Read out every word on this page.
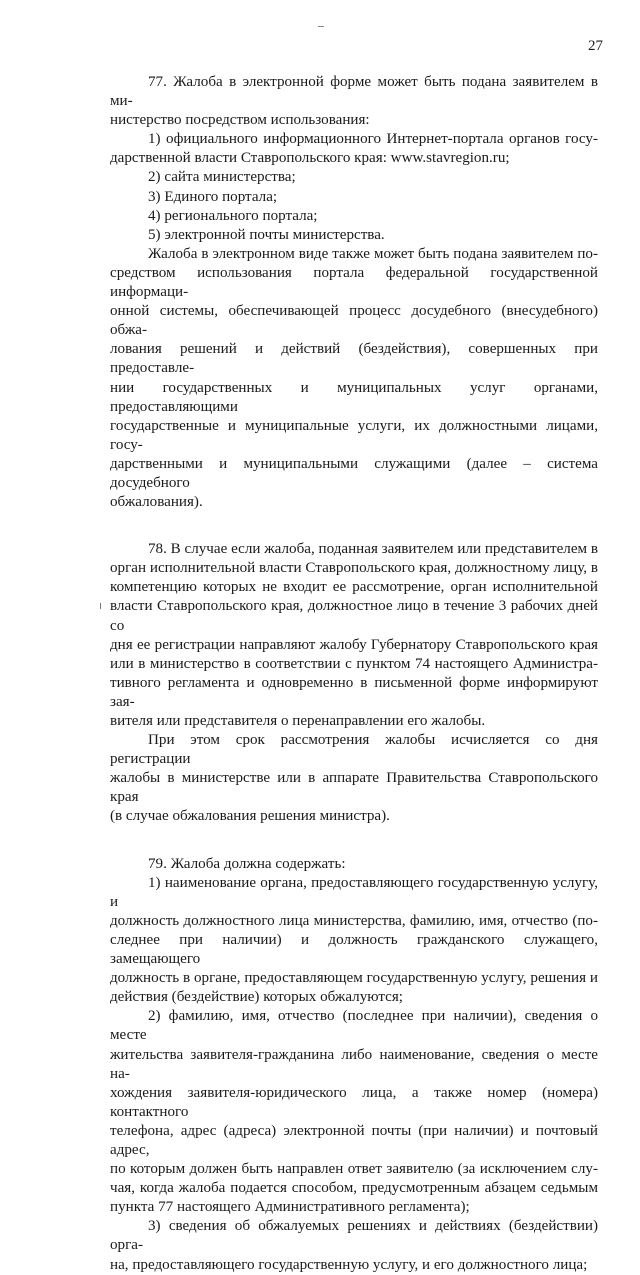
27

77. Жалоба в электронной форме может быть подана заявителем в ми-

нистерство посредством использования:

1) официального информационного Интернет-портала органов госу-

дарственной власти Ставропольского края: www.stavregion.ru;

2) сайта министерства;

3) Единого портала;

4) регионального портала;

5) электронной почты министерства.

Жалоба в электронном виде также может быть подана заявителем по-

средством использования портала федеральной государственной информаци-

онной системы, обеспечивающей процесс досудебного (внесудебного) обжа-

лования решений и действий (бездействия), совершенных при предоставле-

нии государственных и муниципальных услуг органами, предоставляющими

государственные и муниципальные услуги, их должностными лицами, госу-

дарственными и муниципальными служащими (далее – система досудебного

обжалования).

78. В случае если жалоба, поданная заявителем или представителем в

орган исполнительной власти Ставропольского края, должностному лицу, в

компетенцию которых не входит ее рассмотрение, орган исполнительной

власти Ставропольского края, должностное лицо в течение 3 рабочих дней со

дня ее регистрации направляют жалобу Губернатору Ставропольского края

или в министерство в соответствии с пунктом 74 настоящего Администра-

тивного регламента и одновременно в письменной форме информируют зая-

вителя или представителя о перенаправлении его жалобы.

При этом срок рассмотрения жалобы исчисляется со дня регистрации

жалобы в министерстве или в аппарате Правительства Ставропольского края

(в случае обжалования решения министра).

79. Жалоба должна содержать:

1) наименование органа, предоставляющего государственную услугу, и

должность должностного лица министерства, фамилию, имя, отчество (по-

следнее при наличии) и должность гражданского служащего, замещающего

должность в органе, предоставляющем государственную услугу, решения и

действия (бездействие) которых обжалуются;

2) фамилию, имя, отчество (последнее при наличии), сведения о месте

жительства заявителя-гражданина либо наименование, сведения о месте на-

хождения заявителя-юридического лица, а также номер (номера) контактного

телефона, адрес (адреса) электронной почты (при наличии) и почтовый адрес,

по которым должен быть направлен ответ заявителю (за исключением слу-

чая, когда жалоба подается способом, предусмотренным абзацем седьмым

пункта 77 настоящего Административного регламента);

3) сведения об обжалуемых решениях и действиях (бездействии) орга-

на, предоставляющего государственную услугу, и его должностного лица;
